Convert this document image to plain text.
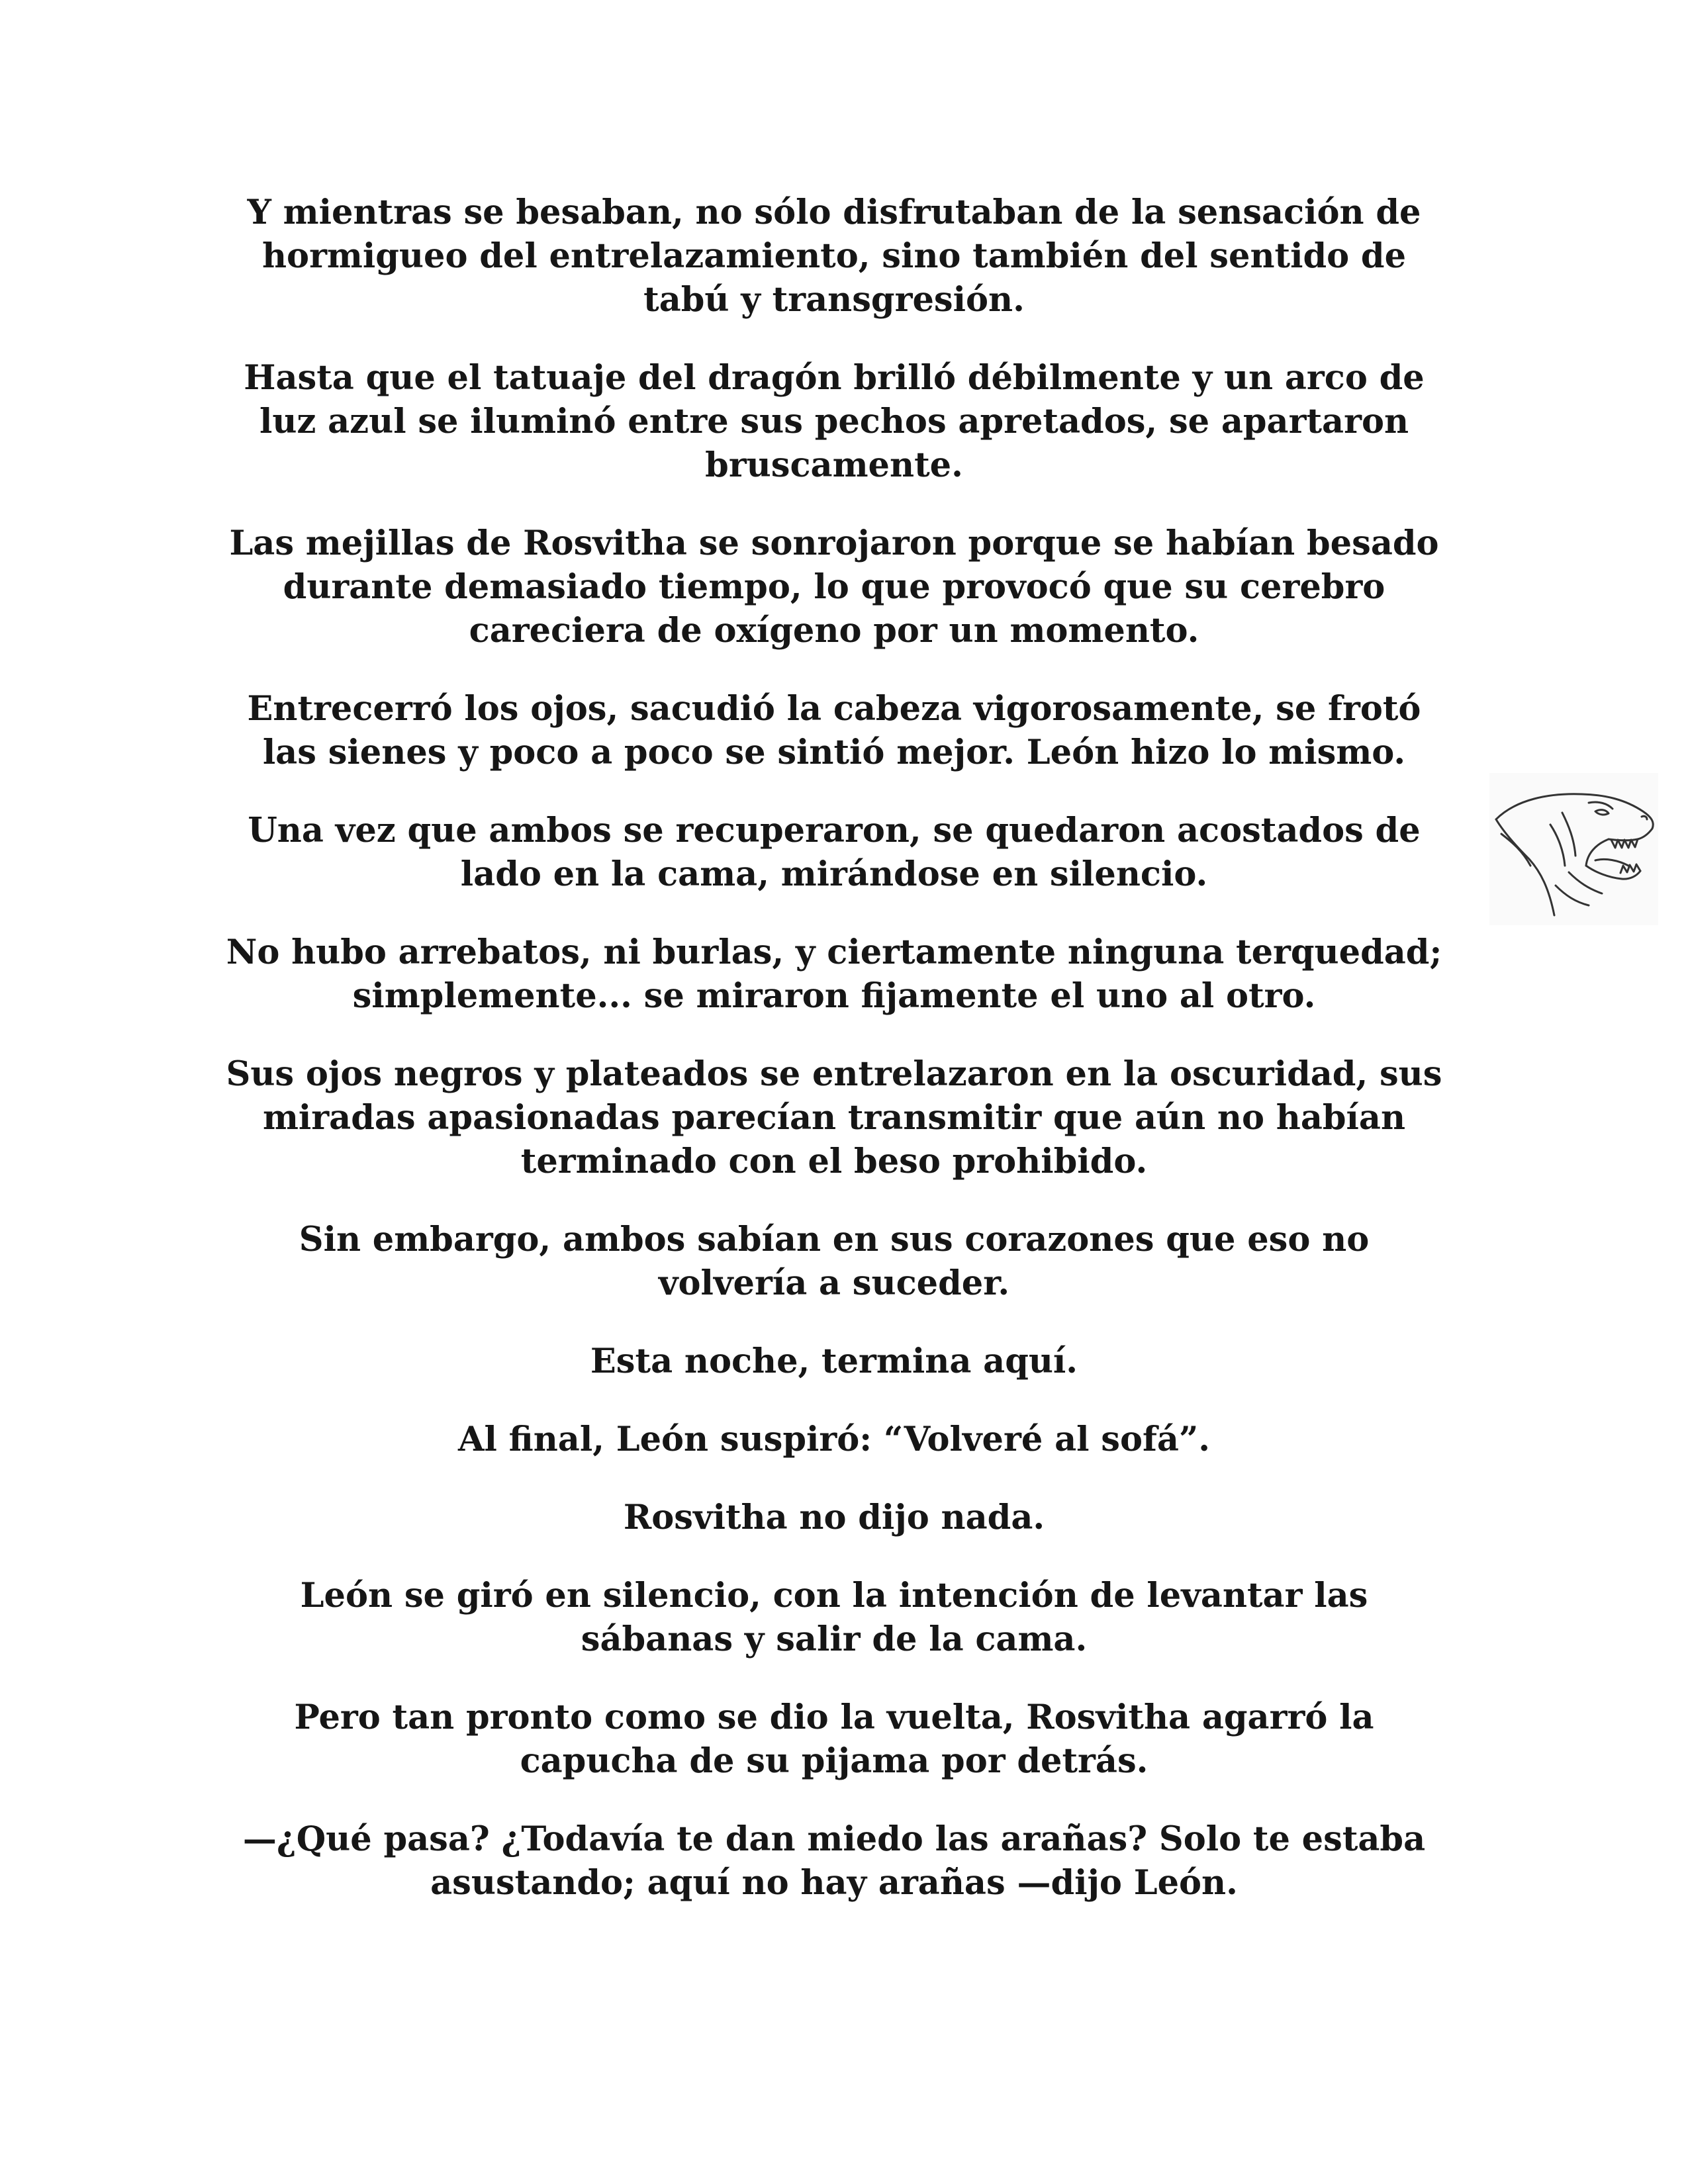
Y mientras se besaban, no sólo disfrutaban de la sensación de hormigueo del entrelazamiento, sino también del sentido de tabú y transgresión.

Hasta que el tatuaje del dragón brilló débilmente y un arco de luz azul se iluminó entre sus pechos apretados, se apartaron bruscamente.

Las mejillas de Rosvitha se sonrojaron porque se habían besado durante demasiado tiempo, lo que provocó que su cerebro careciera de oxígeno por un momento.

Entrecerró los ojos, sacudió la cabeza vigorosamente, se frotó las sienes y poco a poco se sintió mejor. León hizo lo mismo.

Una vez que ambos se recuperaron, se quedaron acostados de lado en la cama, mirándose en silencio.

No hubo arrebatos, ni burlas, y ciertamente ninguna terquedad; simplemente... se miraron fijamente el uno al otro.

Sus ojos negros y plateados se entrelazaron en la oscuridad, sus miradas apasionadas parecían transmitir que aún no habían terminado con el beso prohibido.

Sin embargo, ambos sabían en sus corazones que eso no volvería a suceder.

Esta noche, termina aquí.

Al final, León suspiró: “Volveré al sofá”.

Rosvitha no dijo nada.

León se giró en silencio, con la intención de levantar las sábanas y salir de la cama.

Pero tan pronto como se dio la vuelta, Rosvitha agarró la capucha de su pijama por detrás.

—¿Qué pasa? ¿Todavía te dan miedo las arañas? Solo te estaba asustando; aquí no hay arañas —dijo León.
